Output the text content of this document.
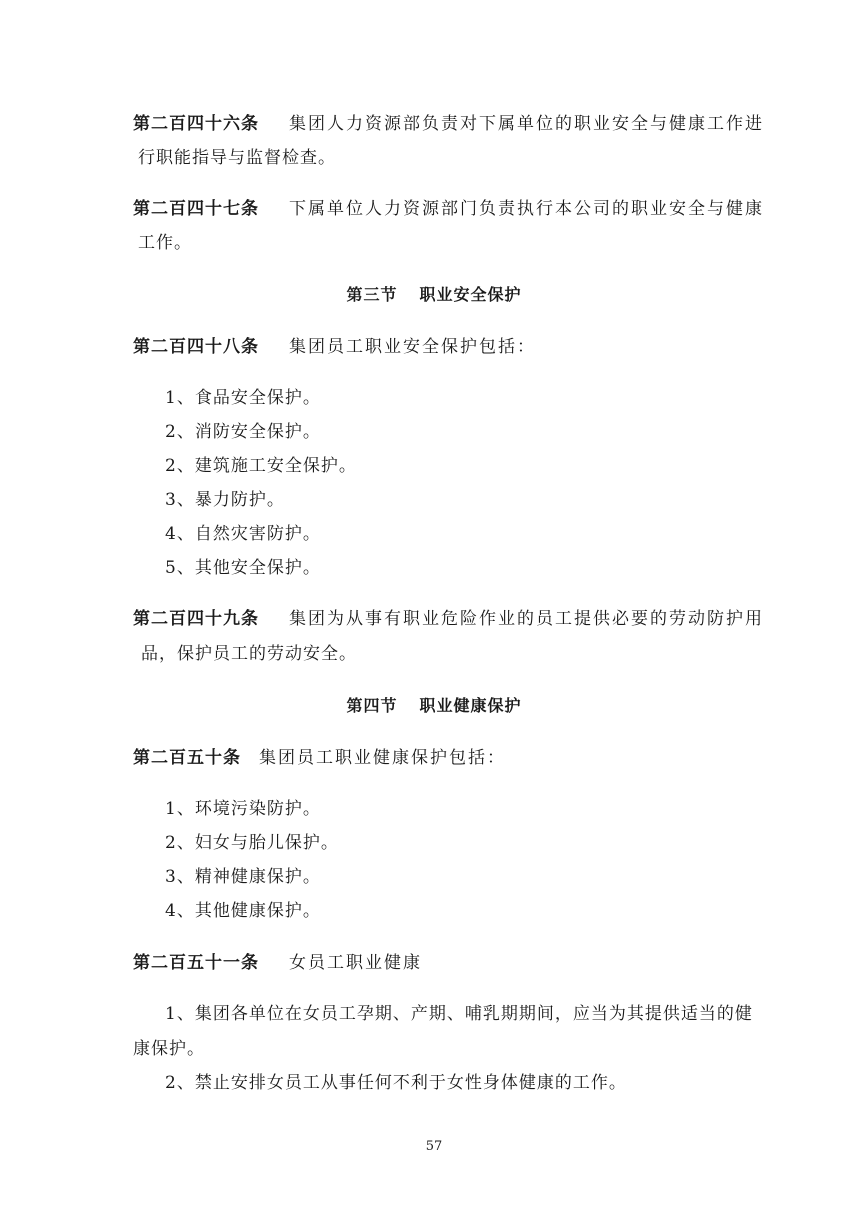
第二百四十六条 集团人力资源部负责对下属单位的职业安全与健康工作进
行职能指导与监督检查。
第二百四十七条 下属单位人力资源部门负责执行本公司的职业安全与健康
工作。
第三节 职业安全保护
第二百四十八条 集团员工职业安全保护包括：
1、食品安全保护。
2、消防安全保护。
2、建筑施工安全保护。
3、暴力防护。
4、自然灾害防护。
5、其他安全保护。
第二百四十九条 集团为从事有职业危险作业的员工提供必要的劳动防护用
品，保护员工的劳动安全。
第四节 职业健康保护
第二百五十条 集团员工职业健康保护包括：
1、环境污染防护。
2、妇女与胎儿保护。
3、精神健康保护。
4、其他健康保护。
第二百五十一条 女员工职业健康
1、集团各单位在女员工孕期、产期、哺乳期期间，应当为其提供适当的健
康保护。
2、禁止安排女员工从事任何不利于女性身体健康的工作。
57
